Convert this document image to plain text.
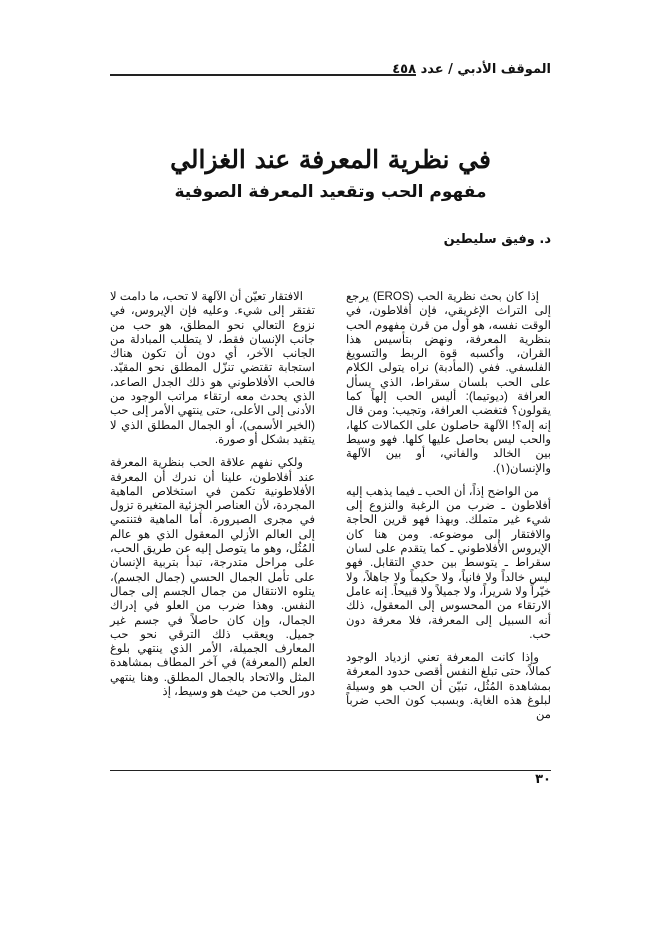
الموقف الأدبي / عدد ٤٥٨
في نظرية المعرفة عند الغزالي
مفهوم الحب وتقعيد المعرفة الصوفية
د. وفيق سليطين

إذا كان بحث نظرية الحب (EROS) يرجع إلى التراث الإغريقي، فإن أفلاطون، في الوقت نفسه، هو أول من قرن مفهوم الحب بنظرية المعرفة، ونهض بتأسيس هذا القران، وأكسبه قوة الربط والتسويغ الفلسفي. ففي (المأدبة) نراه يتولى الكلام على الحب بلسان سقراط، الذي يسأل العرافة (ديوتيما): أليس الحب إلهاً كما يقولون؟ فتغضب العرافة، وتجيب: ومن قال إنه إله؟! الآلهة حاصلون على الكمالات كلها، والحب ليس بحاصل عليها كلها. فهو وسيط بين الخالد والفاني، أو بين الآلهة والإنسان(١).

من الواضح إذاً، أن الحب ـ فيما يذهب إليه أفلاطون ـ ضرب من الرغبة والنزوع إلى شيء غير متملك. وبهذا فهو قرين الحاجة والافتقار إلى موضوعه. ومن هنا كان الإيروس الأفلاطوني ـ كما يتقدم على لسان سقراط ـ يتوسط بين حدي التقابل. فهو ليس خالداً ولا فانياً، ولا حكيماً ولا جاهلاً، ولا خيّراً ولا شريراً، ولا جميلاً ولا قبيحاً. إنه عامل الارتقاء من المحسوس إلى المعقول، ذلك أنه السبيل إلى المعرفة، فلا معرفة دون حب.

وإذا كانت المعرفة تعني ازدياد الوجود كمالاً، حتى تبلغ النفس أقصى حدود المعرفة بمشاهدة المُثُل، تبيّن أن الحب هو وسيلة لبلوغ هذه الغاية. وبسبب كون الحب ضرباً من

الافتقار تعيّن أن الآلهة لا تحب، ما دامت لا تفتقر إلى شيء. وعليه فإن الإيروس، في نزوع التعالي نحو المطلق، هو حب من جانب الإنسان فقط، لا يتطلب المبادلة من الجانب الآخر، أي دون أن تكون هناك استجابة تقتضي تنزّل المطلق نحو المقيّد. فالحب الأفلاطوني هو ذلك الجدل الصاعد، الذي يحدث معه ارتقاء مراتب الوجود من الأدنى إلى الأعلى، حتى ينتهي الأمر إلى حب (الخير الأسمى)، أو الجمال المطلق الذي لا يتقيد بشكل أو صورة.

ولكي نفهم علاقة الحب بنظرية المعرفة عند أفلاطون، علينا أن ندرك أن المعرفة الأفلاطونية تكمن في استخلاص الماهية المجردة، لأن العناصر الجزئية المتغيرة تزول في مجرى الصيرورة. أما الماهية فتنتمي إلى العالم الأزلي المعقول الذي هو عالم المُثُل، وهو ما يتوصل إليه عن طريق الحب، على مراحل متدرجة، تبدأ بتربية الإنسان على تأمل الجمال الحسي (جمال الجسم)، يتلوه الانتقال من جمال الجسم إلى جمال النفس. وهذا ضرب من العلو في إدراك الجمال، وإن كان حاصلاً في جسم غير جميل. ويعقب ذلك الترقي نحو حب المعارف الجميلة، الأمر الذي ينتهي بلوغ العلم (المعرفة) في آخر المطاف بمشاهدة المثل والاتحاد بالجمال المطلق. وهنا ينتهي دور الحب من حيث هو وسيط، إذ

٣٠
